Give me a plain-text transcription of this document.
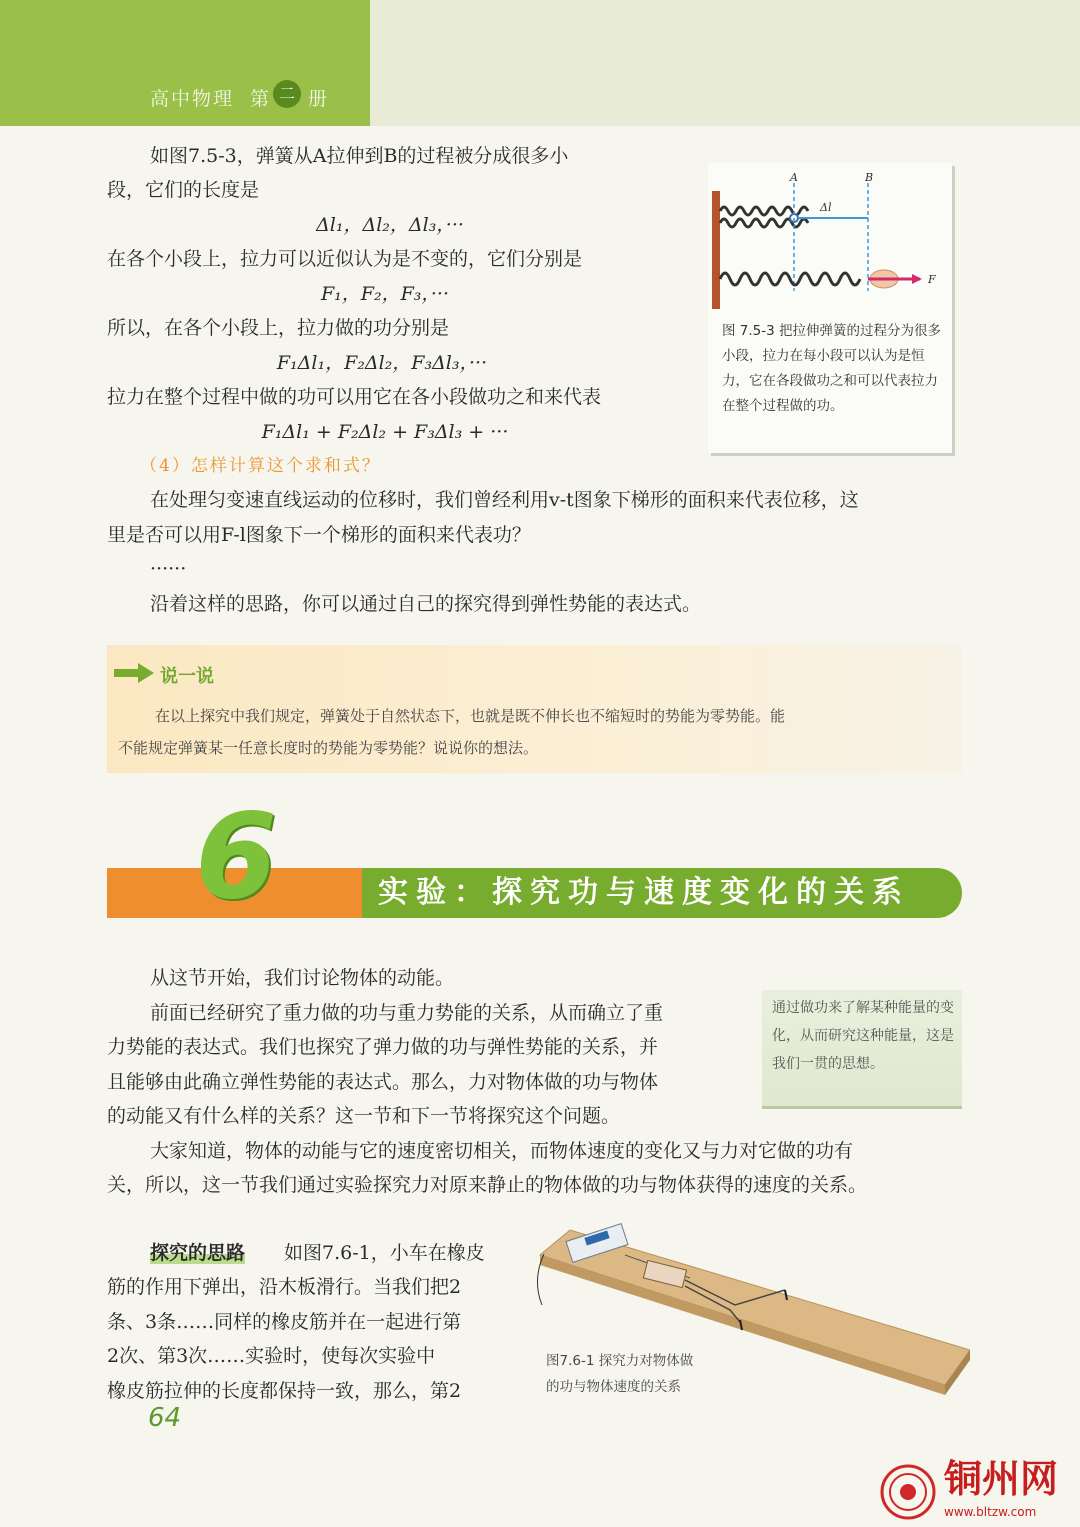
高中物理 第 二 册
如图7.5-3，弹簧从A拉伸到B的过程被分成很多小
段，它们的长度是
Δl₁，Δl₂，Δl₃，···
在各个小段上，拉力可以近似认为是不变的，它们分别是
F₁，F₂，F₃，···
所以，在各个小段上，拉力做的功分别是
F₁Δl₁，F₂Δl₂，F₃Δl₃，···
拉力在整个过程中做的功可以用它在各小段做功之和来代表
F₁Δl₁ + F₂Δl₂ + F₃Δl₃ + ···
（4）怎样计算这个求和式？
在处理匀变速直线运动的位移时，我们曾经利用v-t图象下梯形的面积来代表位移，这
里是否可以用F-l图象下一个梯形的面积来代表功？
······
沿着这样的思路，你可以通过自己的探究得到弹性势能的表达式。
A	B
Δl
F
图 7.5-3 把拉伸弹簧的过程分为很多小段，拉力在每小段可以认为是恒力，它在各段做功之和可以代表拉力在整个过程做的功。
说一说
在以上探究中我们规定，弹簧处于自然状态下，也就是既不伸长也不缩短时的势能为零势能。能
不能规定弹簧某一任意长度时的势能为零势能？说说你的想法。
6	实验：探究功与速度变化的关系
从这节开始，我们讨论物体的动能。
前面已经研究了重力做的功与重力势能的关系，从而确立了重
力势能的表达式。我们也探究了弹力做的功与弹性势能的关系，并
且能够由此确立弹性势能的表达式。那么，力对物体做的功与物体
的动能又有什么样的关系？这一节和下一节将探究这个问题。
大家知道，物体的动能与它的速度密切相关，而物体速度的变化又与力对它做的功有
关，所以，这一节我们通过实验探究力对原来静止的物体做的功与物体获得的速度的关系。
通过做功来了解某种能量的变化，从而研究这种能量，这是我们一贯的思想。
探究的思路 如图7.6-1，小车在橡皮
筋的作用下弹出，沿木板滑行。当我们把2
条、3条……同样的橡皮筋并在一起进行第
2次、第3次……实验时，使每次实验中
橡皮筋拉伸的长度都保持一致，那么，第2
图7.6-1 探究力对物体做
的功与物体速度的关系
64
铜州网
www.bltzw.com
